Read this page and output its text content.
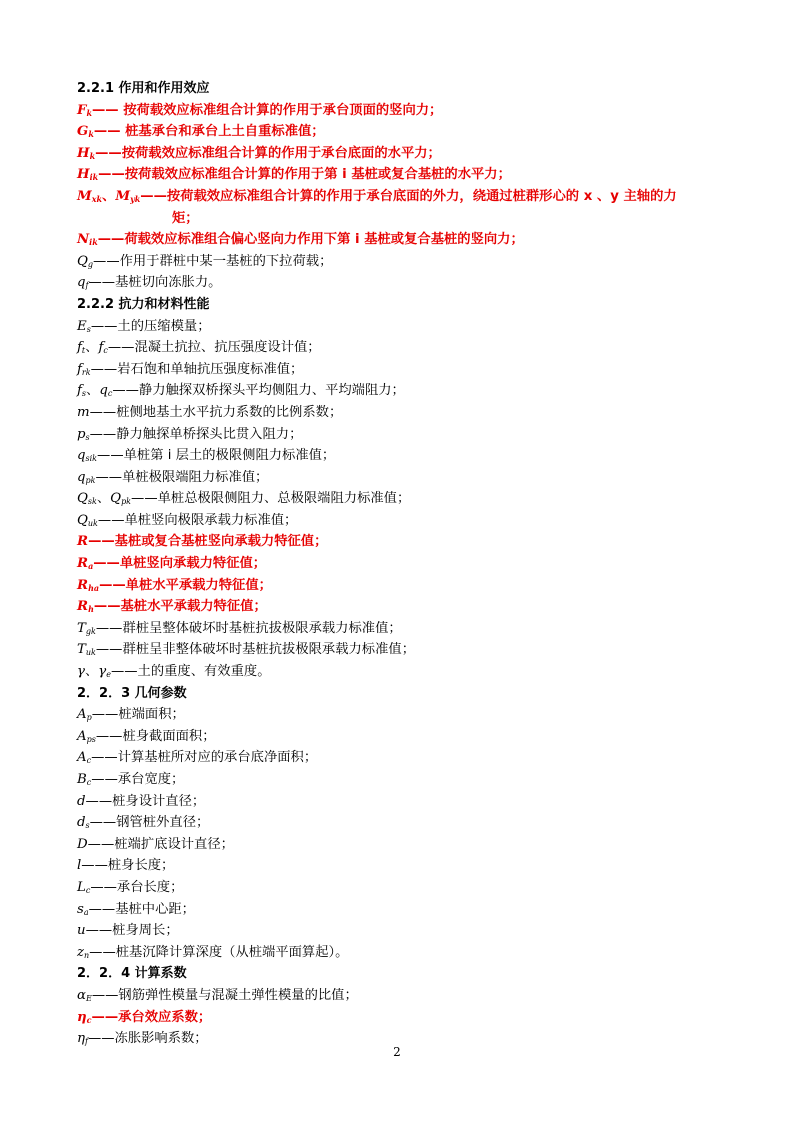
2.2.1 作用和作用效应
$F_k——$ 按荷载效应标准组合计算的作用于承台顶面的竖向力；
$G_k——$ 桩基承台和承台上土自重标准值；
$H_k——$按荷载效应标准组合计算的作用于承台底面的水平力；
$H_{ik}——$按荷载效应标准组合计算的作用于第 i 基桩或复合基桩的水平力；
$M_{xk}$、$M_{yk}——$按荷载效应标准组合计算的作用于承台底面的外力，绕通过桩群形心的 x 、y 主轴的力
矩；
$N_{ik}——$荷载效应标准组合偏心竖向力作用下第 i 基桩或复合基桩的竖向力；
$Q_g——$作用于群桩中某一基桩的下拉荷载；
$q_f——$基桩切向冻胀力。
2.2.2 抗力和材料性能
$E_s——$土的压缩模量；
$f_t$、$f_c——$混凝土抗拉、抗压强度设计值；
$f_{rk}——$岩石饱和单轴抗压强度标准值；
$f_s$、$q_c——$静力触探双桥探头平均侧阻力、平均端阻力；
m——桩侧地基土水平抗力系数的比例系数；
$p_s——$静力触探单桥探头比贯入阻力；
$q_{sik}——$单桩第 i 层土的极限侧阻力标准值；
$q_{pk}——$单桩极限端阻力标准值；
$Q_{sk}$、$Q_{pk}——$单桩总极限侧阻力、总极限端阻力标准值；
$Q_{uk}——$单桩竖向极限承载力标准值；
R——基桩或复合基桩竖向承载力特征值；
$R_a——$单桩竖向承载力特征值；
$R_{ha}——$单桩水平承载力特征值；
$R_h——$基桩水平承载力特征值；
$T_{gk}——$群桩呈整体破坏时基桩抗拔极限承载力标准值；
$T_{uk}——$群桩呈非整体破坏时基桩抗拔极限承载力标准值；
γ、$\gamma_e——$土的重度、有效重度。
2．2．3 几何参数
$A_p——$桩端面积；
$A_{ps}——$桩身截面面积；
$A_c——$计算基桩所对应的承台底净面积；
$B_c——$承台宽度；
d——桩身设计直径；
$d_s——$钢管桩外直径；
D——桩端扩底设计直径；
l——桩身长度；
$L_c——$承台长度；
$s_a——$基桩中心距；
u——桩身周长；
$z_n——$桩基沉降计算深度（从桩端平面算起）。
2．2．4 计算系数
$\alpha_E——$钢筋弹性模量与混凝土弹性模量的比值；
$\eta_c——$承台效应系数；
$\eta_f——$冻胀影响系数；
2
